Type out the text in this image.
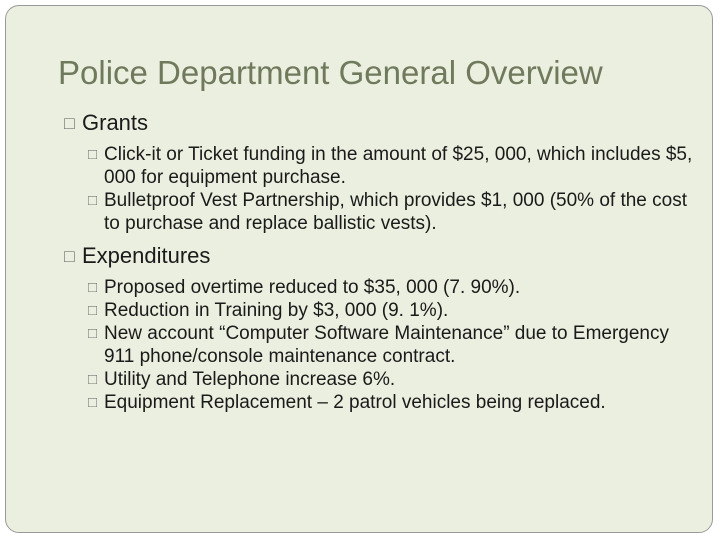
Police Department General Overview
□ Grants
□ Click-it or Ticket funding in the amount of $25, 000, which includes $5, 000 for equipment purchase.
□ Bulletproof Vest Partnership, which provides $1, 000 (50% of the cost to purchase and replace ballistic vests).
□ Expenditures
□ Proposed overtime reduced to $35, 000 (7. 90%).
□ Reduction in Training by $3, 000 (9. 1%).
□ New account “Computer Software Maintenance” due to Emergency 911 phone/console maintenance contract.
□ Utility and Telephone increase 6%.
□ Equipment Replacement – 2 patrol vehicles being replaced.
